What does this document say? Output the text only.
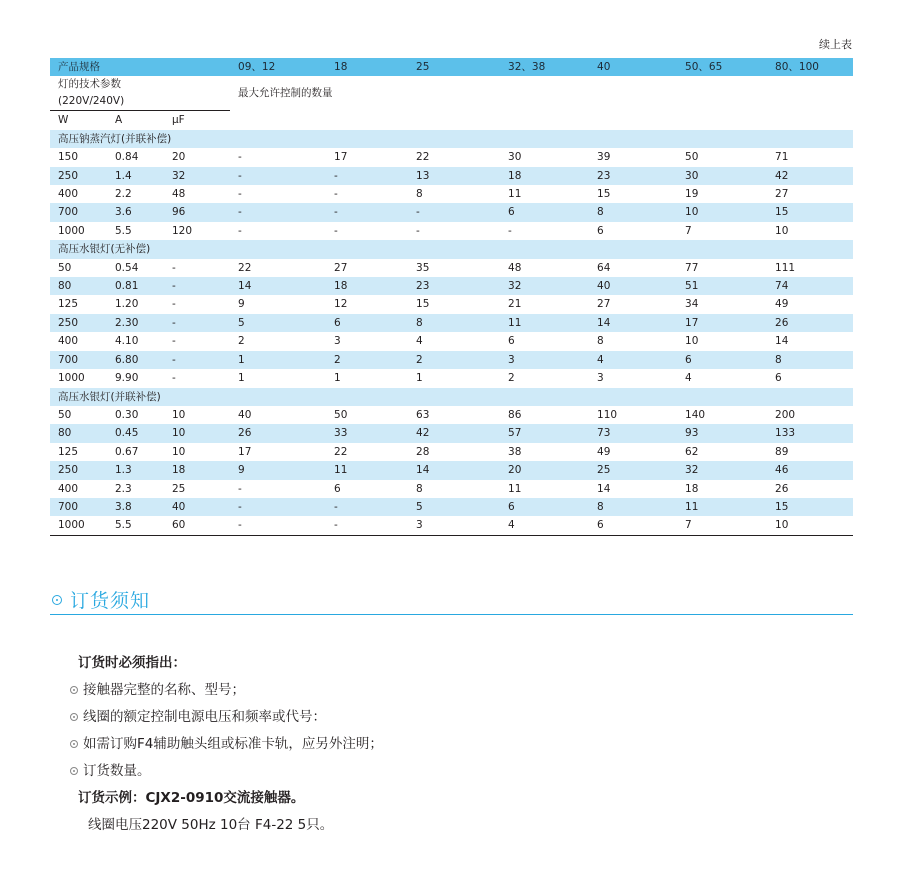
续上表
产品规格			09、12	18	25	32、38	40	50、65	80、100
灯的技术参数			最大允许控制的数量						
(220V/240V)									
W	A	μF							
高压钠蒸汽灯(并联补偿)									
150	0.84	20	-	17	22	30	39	50	71
250	1.4	32	-	-	13	18	23	30	42
400	2.2	48	-	-	8	11	15	19	27
700	3.6	96	-	-	-	6	8	10	15
1000	5.5	120	-	-	-	-	6	7	10
高压水银灯(无补偿)									
50	0.54	-	22	27	35	48	64	77	111
80	0.81	-	14	18	23	32	40	51	74
125	1.20	-	9	12	15	21	27	34	49
250	2.30	-	5	6	8	11	14	17	26
400	4.10	-	2	3	4	6	8	10	14
700	6.80	-	1	2	2	3	4	6	8
1000	9.90	-	1	1	1	2	3	4	6
高压水银灯(并联补偿)									
50	0.30	10	40	50	63	86	110	140	200
80	0.45	10	26	33	42	57	73	93	133
125	0.67	10	17	22	28	38	49	62	89
250	1.3	18	9	11	14	20	25	32	46
400	2.3	25	-	6	8	11	14	18	26
700	3.8	40	-	-	5	6	8	11	15
1000	5.5	60	-	-	3	4	6	7	10
订货须知
订货时必须指出：
接触器完整的名称、型号；
线圈的额定控制电源电压和频率或代号：
如需订购F4辅助触头组或标准卡轨，应另外注明；
订货数量。
订货示例：CJX2-0910交流接触器。
线圈电压220V 50Hz 10台 F4-22 5只。
